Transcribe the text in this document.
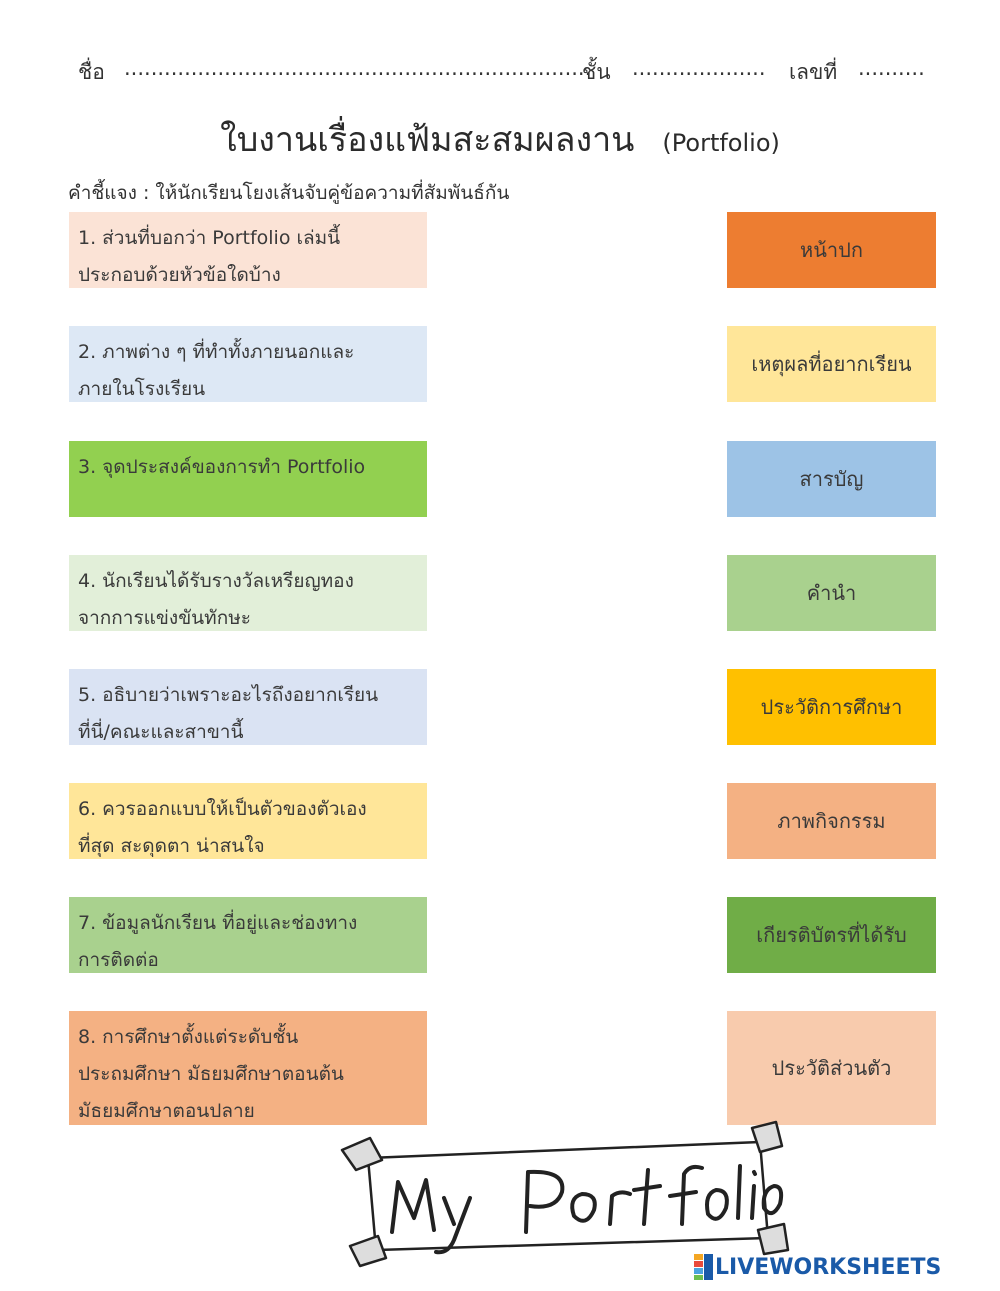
ชื่อ ......................................................................
ชั้น .................... เลขที่ ..........
ใบงานเรื่องแฟ้มสะสมผลงาน (Portfolio)
คำชี้แจง : ให้นักเรียนโยงเส้นจับคู่ข้อความที่สัมพันธ์กัน
1. ส่วนที่บอกว่า Portfolio เล่มนี้
ประกอบด้วยหัวข้อใดบ้าง
2. ภาพต่าง ๆ ที่ทำทั้งภายนอกและ
ภายในโรงเรียน
3. จุดประสงค์ของการทำ Portfolio
4. นักเรียนได้รับรางวัลเหรียญทอง
จากการแข่งขันทักษะ
5. อธิบายว่าเพราะอะไรถึงอยากเรียน
ที่นี่/คณะและสาขานี้
6. ควรออกแบบให้เป็นตัวของตัวเอง
ที่สุด สะดุดตา น่าสนใจ
7. ข้อมูลนักเรียน ที่อยู่และช่องทาง
การติดต่อ
8. การศึกษาตั้งแต่ระดับชั้น
ประถมศึกษา มัธยมศึกษาตอนต้น
มัธยมศึกษาตอนปลาย
หน้าปก
เหตุผลที่อยากเรียน
สารบัญ
คำนำ
ประวัติการศึกษา
ภาพกิจกรรม
เกียรติบัตรที่ได้รับ
ประวัติส่วนตัว
My Portfolio
LIVEWORKSHEETS
